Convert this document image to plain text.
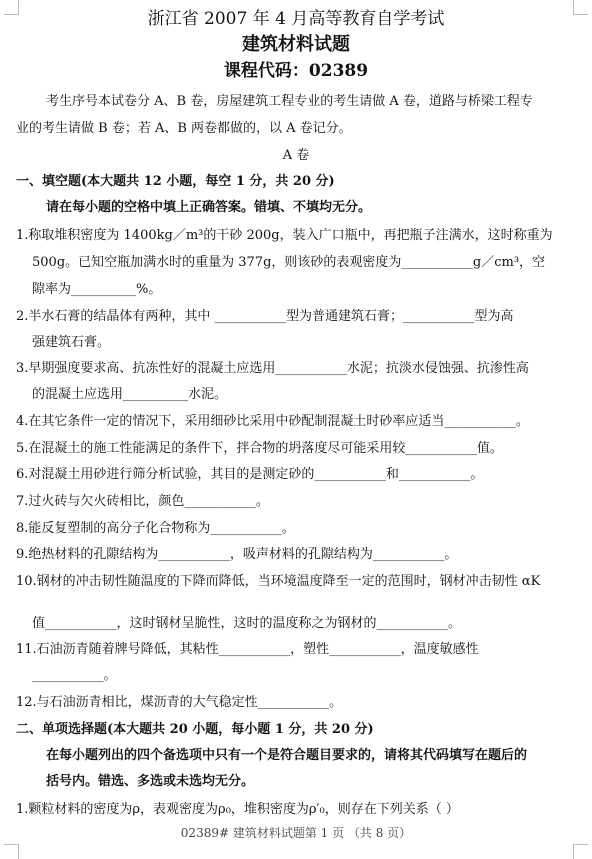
浙江省 2007 年 4 月高等教育自学考试
建筑材料试题
课程代码：02389
考生序号本试卷分 A、B 卷，房屋建筑工程专业的考生请做 A 卷，道路与桥梁工程专
业的考生请做 B 卷；若 A、B 两卷都做的，以 A 卷记分。
A 卷
一、填空题(本大题共 12 小题，每空 1 分，共 20 分)
请在每小题的空格中填上正确答案。错填、不填均无分。
1.称取堆积密度为 1400kg／m³的干砂 200g，装入广口瓶中，再把瓶子注满水，这时称重为
500g。已知空瓶加满水时的重量为 377g，则该砂的表观密度为___________g／cm³，空
隙率为__________%。
2.半水石膏的结晶体有两种，其中 ___________型为普通建筑石膏；___________型为高
强建筑石膏。
3.早期强度要求高、抗冻性好的混凝土应选用___________水泥；抗淡水侵蚀强、抗渗性高
的混凝土应选用__________水泥。
4.在其它条件一定的情况下，采用细砂比采用中砂配制混凝土时砂率应适当___________。
5.在混凝土的施工性能满足的条件下，拌合物的坍落度尽可能采用较___________值。
6.对混凝土用砂进行筛分析试验，其目的是测定砂的___________和___________。
7.过火砖与欠火砖相比，颜色___________。
8.能反复塑制的高分子化合物称为___________。
9.绝热材料的孔隙结构为___________，吸声材料的孔隙结构为___________。
10.钢材的冲击韧性随温度的下降而降低，当环境温度降至一定的范围时，钢材冲击韧性 αK
值___________，这时钢材呈脆性，这时的温度称之为钢材的___________。
11.石油沥青随着牌号降低，其粘性___________，塑性___________，温度敏感性
___________。
12.与石油沥青相比，煤沥青的大气稳定性___________。
二、单项选择题(本大题共 20 小题，每小题 1 分，共 20 分)
在每小题列出的四个备选项中只有一个是符合题目要求的，请将其代码填写在题后的
括号内。错选、多选或未选均无分。
1.颗粒材料的密度为ρ，表观密度为ρ₀，堆积密度为ρ′₀，则存在下列关系（ ）
02389# 建筑材料试题第 1 页 （共 8 页）
